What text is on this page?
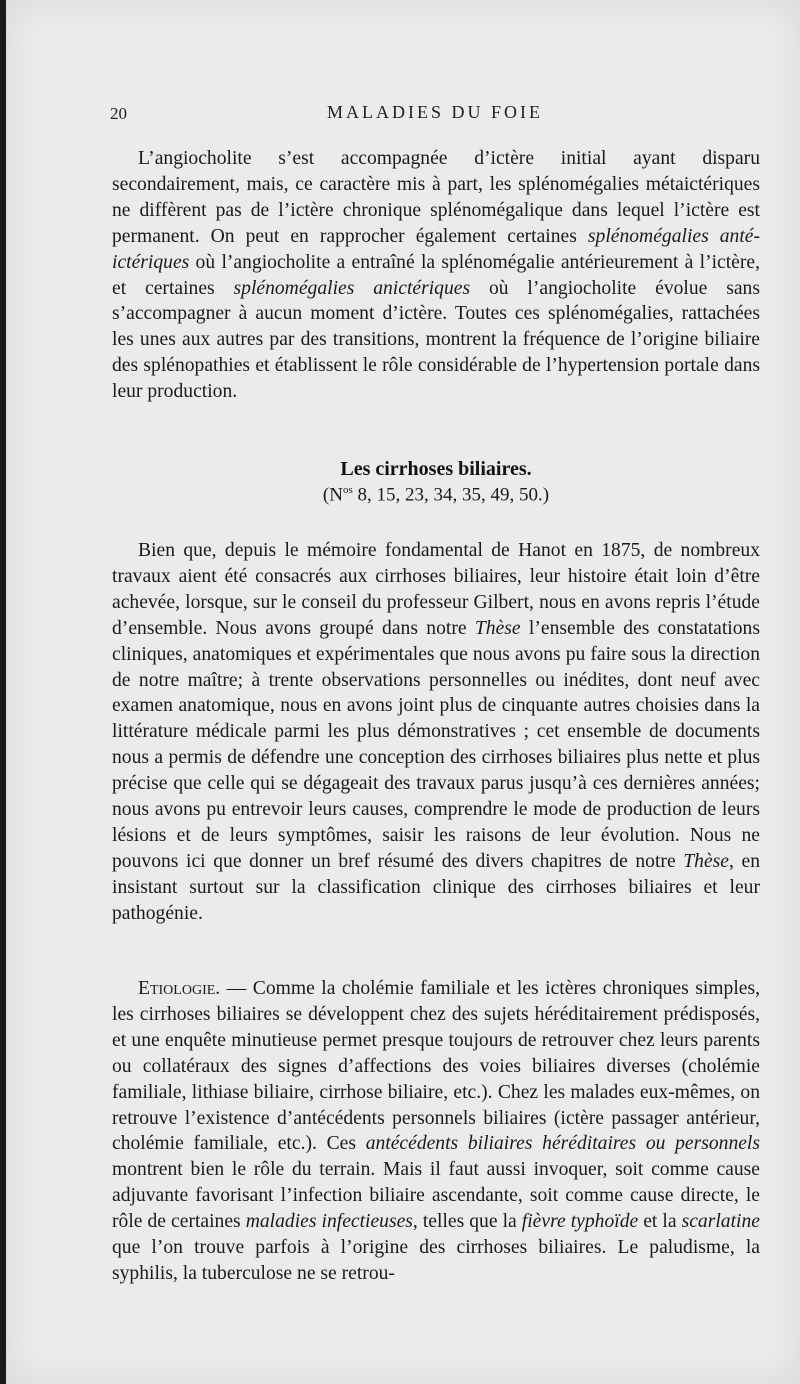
20	MALADIES DU FOIE

L’angiocholite s’est accompagnée d’ictère initial ayant disparu secondairement, mais, ce caractère mis à part, les splénomégalies métaictériques ne diffèrent pas de l’ictère chronique splénomégalique dans lequel l’ictère est permanent. On peut en rapprocher également certaines splénomégalies anté-ictériques où l’angiocholite a entraîné la splénomégalie antérieurement à l’ictère, et certaines splénomégalies anictériques où l’angiocholite évolue sans s’accompagner à aucun moment d’ictère. Toutes ces splénomégalies, rattachées les unes aux autres par des transitions, montrent la fréquence de l’origine biliaire des splénopathies et établissent le rôle considérable de l’hypertension portale dans leur production.

Les cirrhoses biliaires.
($N^{os}$ 8, 15, 23, 34, 35, 49, 50.)

Bien que, depuis le mémoire fondamental de Hanot en 1875, de nombreux travaux aient été consacrés aux cirrhoses biliaires, leur histoire était loin d’être achevée, lorsque, sur le conseil du professeur Gilbert, nous en avons repris l’étude d’ensemble. Nous avons groupé dans notre Thèse l’ensemble des constatations cliniques, anatomiques et expérimentales que nous avons pu faire sous la direction de notre maître; à trente observations personnelles ou inédites, dont neuf avec examen anatomique, nous en avons joint plus de cinquante autres choisies dans la littérature médicale parmi les plus démonstratives ; cet ensemble de documents nous a permis de défendre une conception des cirrhoses biliaires plus nette et plus précise que celle qui se dégageait des travaux parus jusqu’à ces dernières années; nous avons pu entrevoir leurs causes, comprendre le mode de production de leurs lésions et de leurs symptômes, saisir les raisons de leur évolution. Nous ne pouvons ici que donner un bref résumé des divers chapitres de notre Thèse, en insistant surtout sur la classification clinique des cirrhoses biliaires et leur pathogénie.

Etiologie. — Comme la cholémie familiale et les ictères chroniques simples, les cirrhoses biliaires se développent chez des sujets héréditairement prédisposés, et une enquête minutieuse permet presque toujours de retrouver chez leurs parents ou collatéraux des signes d’affections des voies biliaires diverses (cholémie familiale, lithiase biliaire, cirrhose biliaire, etc.). Chez les malades eux-mêmes, on retrouve l’existence d’antécédents personnels biliaires (ictère passager antérieur, cholémie familiale, etc.). Ces antécédents biliaires héréditaires ou personnels montrent bien le rôle du terrain. Mais il faut aussi invoquer, soit comme cause adjuvante favorisant l’infection biliaire ascendante, soit comme cause directe, le rôle de certaines maladies infectieuses, telles que la fièvre typhoïde et la scarlatine que l’on trouve parfois à l’origine des cirrhoses biliaires. Le paludisme, la syphilis, la tuberculose ne se retrou-
